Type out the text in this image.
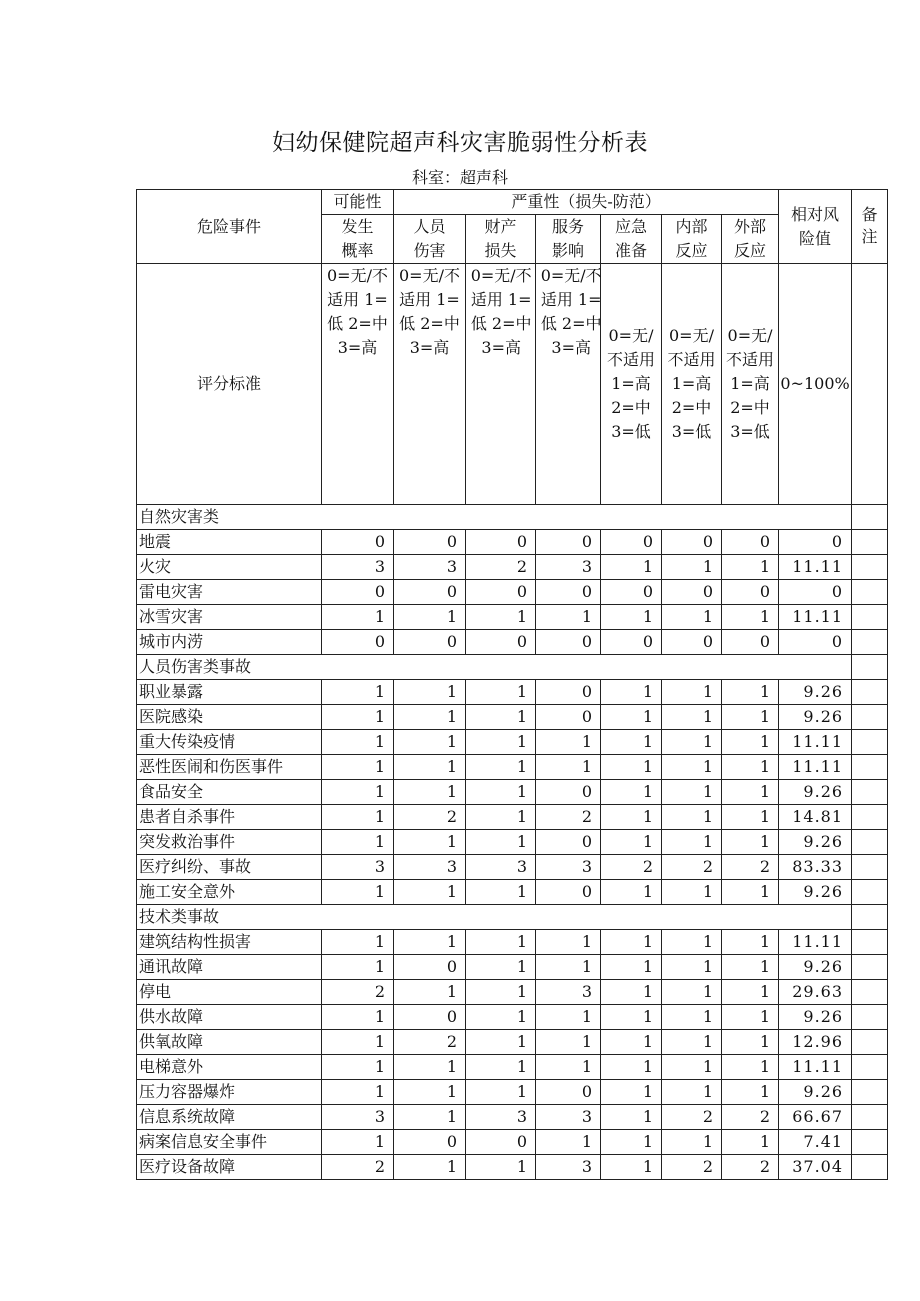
妇幼保健院超声科灾害脆弱性分析表
科室：超声科
危险事件	可能性	严重性（损失-防范）						相对风险值	备注
	发生概率	人员伤害	财产损失	服务影响	应急准备	内部反应	外部反应		
评分标准	0=无/不适用 1=低 2=中 3=高	0=无/不适用 1=低 2=中 3=高	0=无/不适用 1=低 2=中 3=高	0=无/不适用 1=低 2=中 3=高	0=无/不适用 1=高 2=中 3=低	0=无/不适用 1=高 2=中 3=低	0=无/不适用 1=高 2=中 3=低	0~100%	
自然灾害类									
地震	0	0	0	0	0	0	0	0	
火灾	3	3	2	3	1	1	1	11.11	
雷电灾害	0	0	0	0	0	0	0	0	
冰雪灾害	1	1	1	1	1	1	1	11.11	
城市内涝	0	0	0	0	0	0	0	0	
人员伤害类事故									
职业暴露	1	1	1	0	1	1	1	9.26	
医院感染	1	1	1	0	1	1	1	9.26	
重大传染疫情	1	1	1	1	1	1	1	11.11	
恶性医闹和伤医事件	1	1	1	1	1	1	1	11.11	
食品安全	1	1	1	0	1	1	1	9.26	
患者自杀事件	1	2	1	2	1	1	1	14.81	
突发救治事件	1	1	1	0	1	1	1	9.26	
医疗纠纷、事故	3	3	3	3	2	2	2	83.33	
施工安全意外	1	1	1	0	1	1	1	9.26	
技术类事故									
建筑结构性损害	1	1	1	1	1	1	1	11.11	
通讯故障	1	0	1	1	1	1	1	9.26	
停电	2	1	1	3	1	1	1	29.63	
供水故障	1	0	1	1	1	1	1	9.26	
供氧故障	1	2	1	1	1	1	1	12.96	
电梯意外	1	1	1	1	1	1	1	11.11	
压力容器爆炸	1	1	1	0	1	1	1	9.26	
信息系统故障	3	1	3	3	1	2	2	66.67	
病案信息安全事件	1	0	0	1	1	1	1	7.41	
医疗设备故障	2	1	1	3	1	2	2	37.04	
